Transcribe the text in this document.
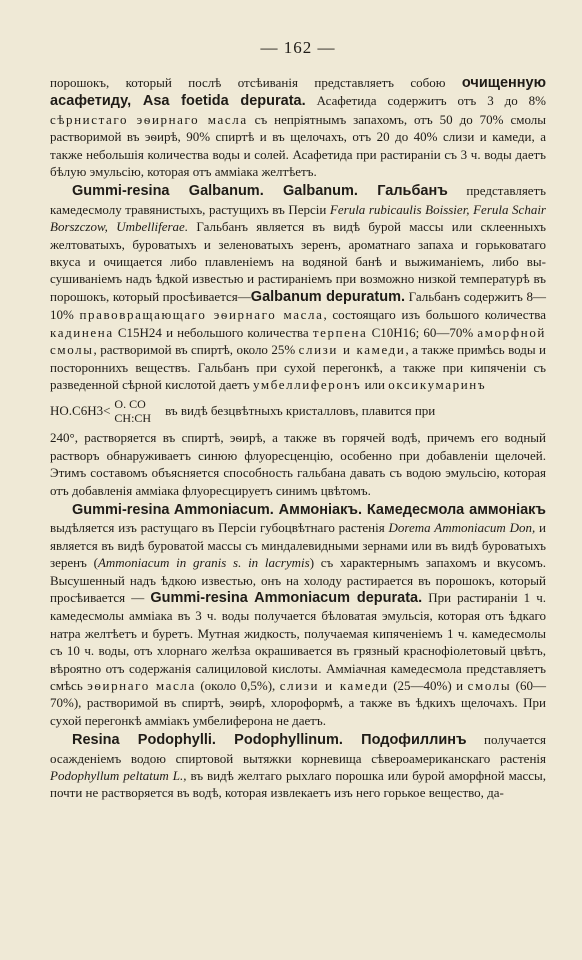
— 162 —

порошокъ, который послѣ отсѣиванія представляетъ собою очищенную асафетиду, Asa foetida depurata. Асафетида содержитъ отъ 3 до 8% сѣрнистаго эѳирнаго масла съ непріятнымъ запахомъ, отъ 50 до 70% смолы растворимой въ эѳирѣ, 90% спиртѣ и въ щелочахъ, отъ 20 до 40% слизи и камеди, а также небольшія количества воды и солей. Асафетида при растираніи съ 3 ч. воды даетъ бѣлую эмульсію, которая отъ амміака желтѣетъ.

Gummi-resina Galbanum. Galbanum. Гальбанъ представляетъ камедесмолу травянистыхъ, растущихъ въ Персіи Ferula rubicaulis Boissier, Ferula Schair Borszczow, Umbelliferae. Гальбанъ является въ видѣ бурой массы или склеенныхъ желтоватыхъ, буроватыхъ и зеленоватыхъ зеренъ, ароматнаго запаха и горьковатаго вкуса и очищается либо плавленіемъ на водяной банѣ и выжиманіемъ, либо высушиваніемъ надъ ѣдкой известью и растираніемъ при возможно низкой температурѣ въ порошокъ, который просѣивается—Galbanum depuratum. Гальбанъ содержитъ 8—10% правовращающаго эѳирнаго масла, состоящаго изъ большого количества кадинена C15H24 и небольшого количества терпена C10H16; 60—70% аморфной смолы, растворимой въ спиртѣ, около 25% слизи и камеди, а также примѣсь воды и постороннихъ веществъ. Гальбанъ при сухой перегонкѣ, а также при кипяченіи съ разведенной сѣрной кислотой даетъ умбеллиферонъ или оксикумаринъ

HO.C6H3< O. CO
CH:CH въ видѣ безцвѣтныхъ кристалловъ, плавится при

240°, растворяется въ спиртѣ, эѳирѣ, а также въ горячей водѣ, причемъ его водный растворъ обнаруживаетъ синюю флуоресценцію, особенно при добавленіи щелочей. Этимъ составомъ объясняется способность гальбана давать съ водою эмульсію, которая отъ добавленія амміака флуоресцируетъ синимъ цвѣтомъ.

Gummi-resina Ammoniacum. Аммоніакъ. Камедесмола аммоніакъ выдѣляется изъ растущаго въ Персіи губоцвѣтнаго растенія Dorema Ammoniacum Don, и является въ видѣ буроватой массы съ миндалевидными зернами или въ видѣ буроватыхъ зеренъ (Ammoniacum in granis s. in lacrymis) съ характернымъ запахомъ и вкусомъ. Высушенный надъ ѣдкою известью, онъ на холоду растирается въ порошокъ, который просѣивается — Gummi-resina Ammoniacum depurata. При растираніи 1 ч. камедесмолы амміака въ 3 ч. воды получается бѣловатая эмульсія, которая отъ ѣдкаго натра желтѣетъ и буретъ. Мутная жидкость, получаемая кипяченіемъ 1 ч. камедесмолы съ 10 ч. воды, отъ хлорнаго желѣза окрашивается въ грязный краснофіолетовый цвѣтъ, вѣроятно отъ содержанія салициловой кислоты. Амміачная камедесмола представляетъ смѣсь эѳирнаго масла (около 0,5%), слизи и камеди (25—40%) и смолы (60—70%), растворимой въ спиртѣ, эѳирѣ, хлороформѣ, а также въ ѣдкихъ щелочахъ. При сухой перегонкѣ амміакъ умбелиферона не даетъ.

Resina Podophylli. Podophyllinum. Подофиллинъ получается осажденіемъ водою спиртовой вытяжки корневища сѣвероамериканскаго растенія Podophyllum peltatum L., въ видѣ желтаго рыхлаго порошка или бурой аморфной массы, почти не растворяется въ водѣ, которая извлекаетъ изъ него горькое вещество, да-
